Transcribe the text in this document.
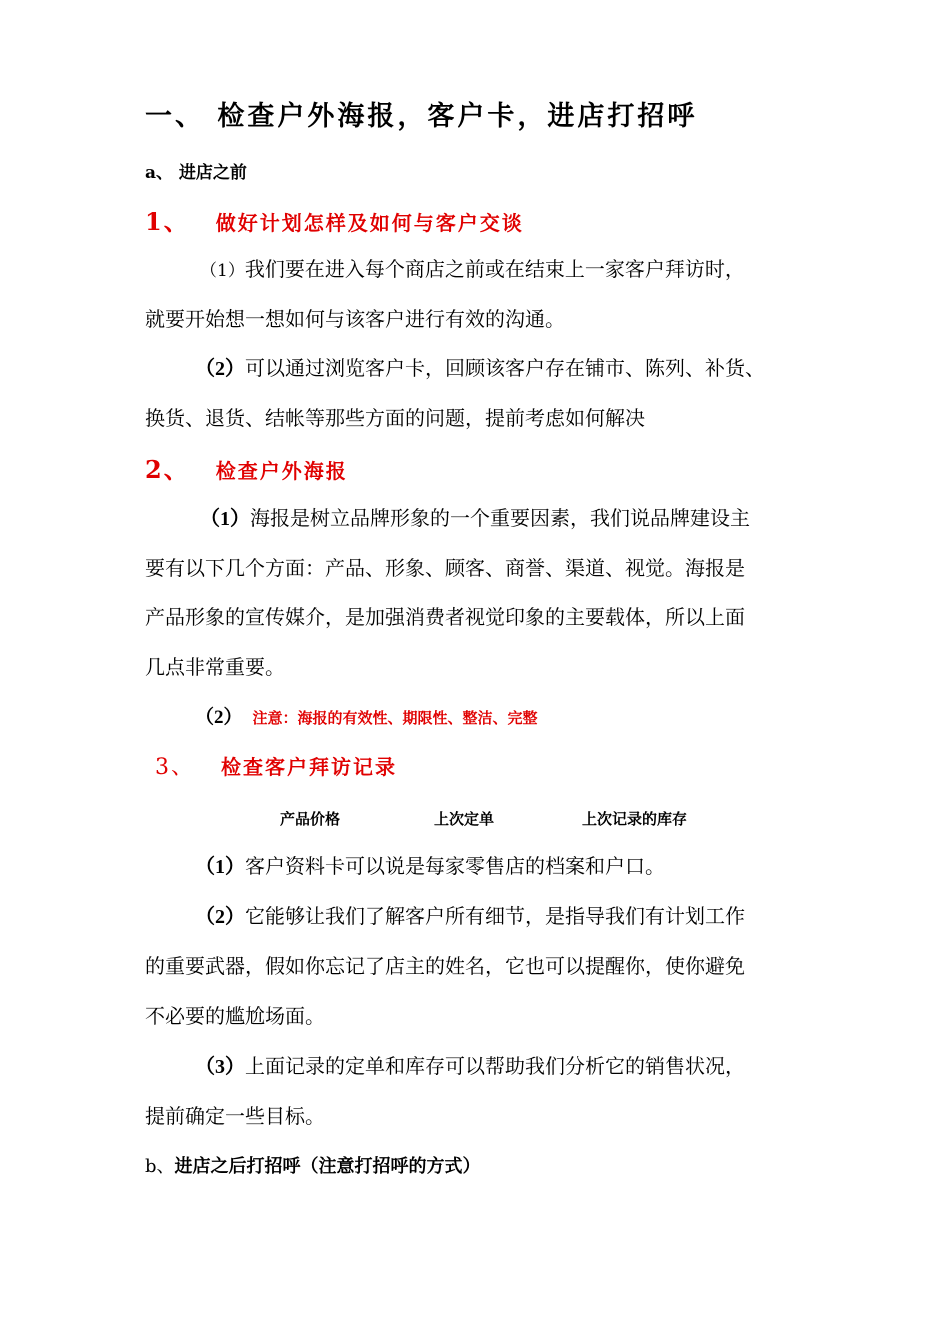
一、 检查户外海报，客户卡，进店打招呼
a、 进店之前
1、 做好计划怎样及如何与客户交谈
（1）我们要在进入每个商店之前或在结束上一家客户拜访时，
就要开始想一想如何与该客户进行有效的沟通。
（2）可以通过浏览客户卡，回顾该客户存在铺市、陈列、补货、
换货、退货、结帐等那些方面的问题，提前考虑如何解决
2、 检查户外海报
（1）海报是树立品牌形象的一个重要因素，我们说品牌建设主
要有以下几个方面：产品、形象、顾客、商誉、渠道、视觉。海报是
产品形象的宣传媒介，是加强消费者视觉印象的主要载体，所以上面
几点非常重要。
（2） 注意：海报的有效性、期限性、整洁、完整
3、 检查客户拜访记录
产品价格	上次定单	上次记录的库存
（1）客户资料卡可以说是每家零售店的档案和户口。
（2）它能够让我们了解客户所有细节，是指导我们有计划工作
的重要武器，假如你忘记了店主的姓名，它也可以提醒你，使你避免
不必要的尴尬场面。
（3）上面记录的定单和库存可以帮助我们分析它的销售状况，
提前确定一些目标。
b、进店之后打招呼（注意打招呼的方式）
